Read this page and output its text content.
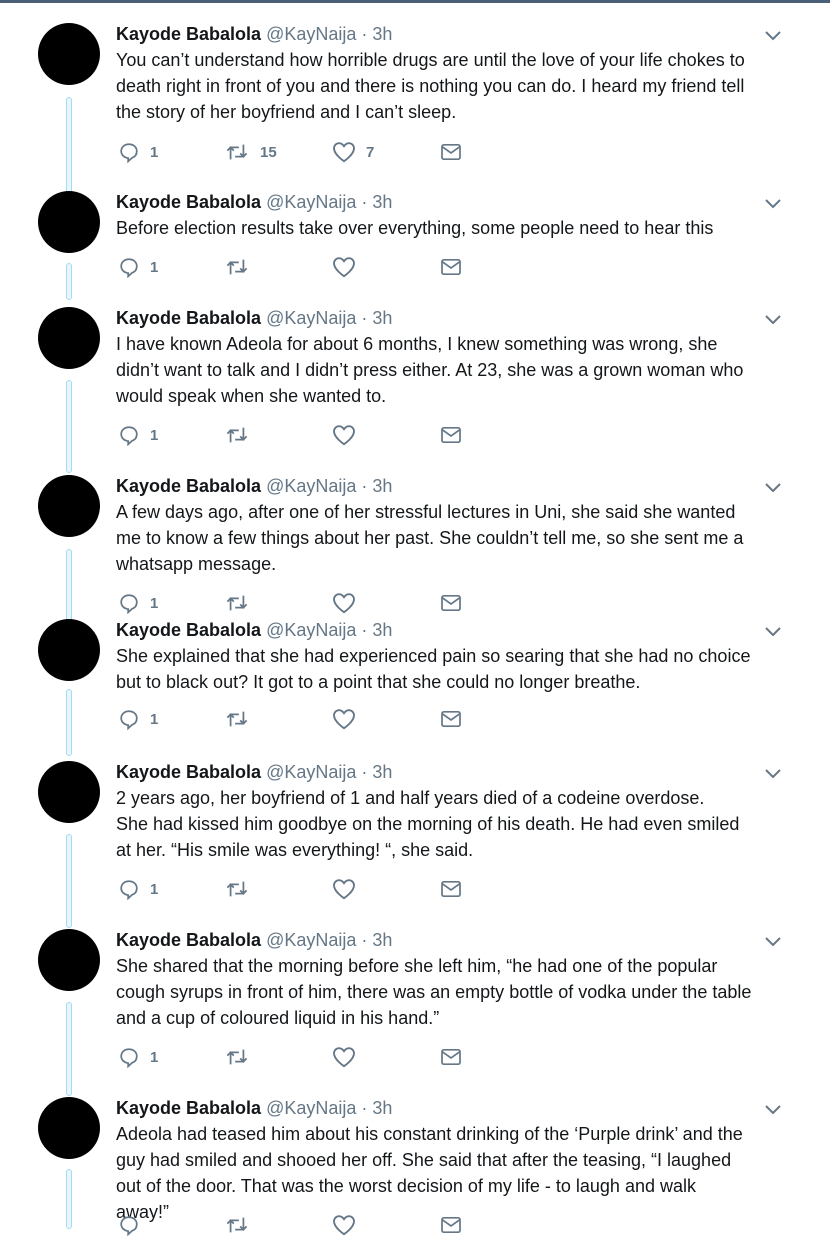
Kayode Babalola @KayNaija · 3h
You can’t understand how horrible drugs are until the love of your life chokes to
death right in front of you and there is nothing you can do. I heard my friend tell
the story of her boyfriend and I can’t sleep.
1	15	7
Kayode Babalola @KayNaija · 3h
Before election results take over everything, some people need to hear this
1
Kayode Babalola @KayNaija · 3h
I have known Adeola for about 6 months, I knew something was wrong, she
didn’t want to talk and I didn’t press either. At 23, she was a grown woman who
would speak when she wanted to.
1
Kayode Babalola @KayNaija · 3h
A few days ago, after one of her stressful lectures in Uni, she said she wanted
me to know a few things about her past. She couldn’t tell me, so she sent me a
whatsapp message.
1
Kayode Babalola @KayNaija · 3h
She explained that she had experienced pain so searing that she had no choice
but to black out? It got to a point that she could no longer breathe.
1
Kayode Babalola @KayNaija · 3h
2 years ago, her boyfriend of 1 and half years died of a codeine overdose.
She had kissed him goodbye on the morning of his death. He had even smiled
at her. “His smile was everything! “, she said.
1
Kayode Babalola @KayNaija · 3h
She shared that the morning before she left him, “he had one of the popular
cough syrups in front of him, there was an empty bottle of vodka under the table
and a cup of coloured liquid in his hand.”
1
Kayode Babalola @KayNaija · 3h
Adeola had teased him about his constant drinking of the ‘Purple drink’ and the
guy had smiled and shooed her off. She said that after the teasing, “I laughed
out of the door. That was the worst decision of my life - to laugh and walk
away!”
